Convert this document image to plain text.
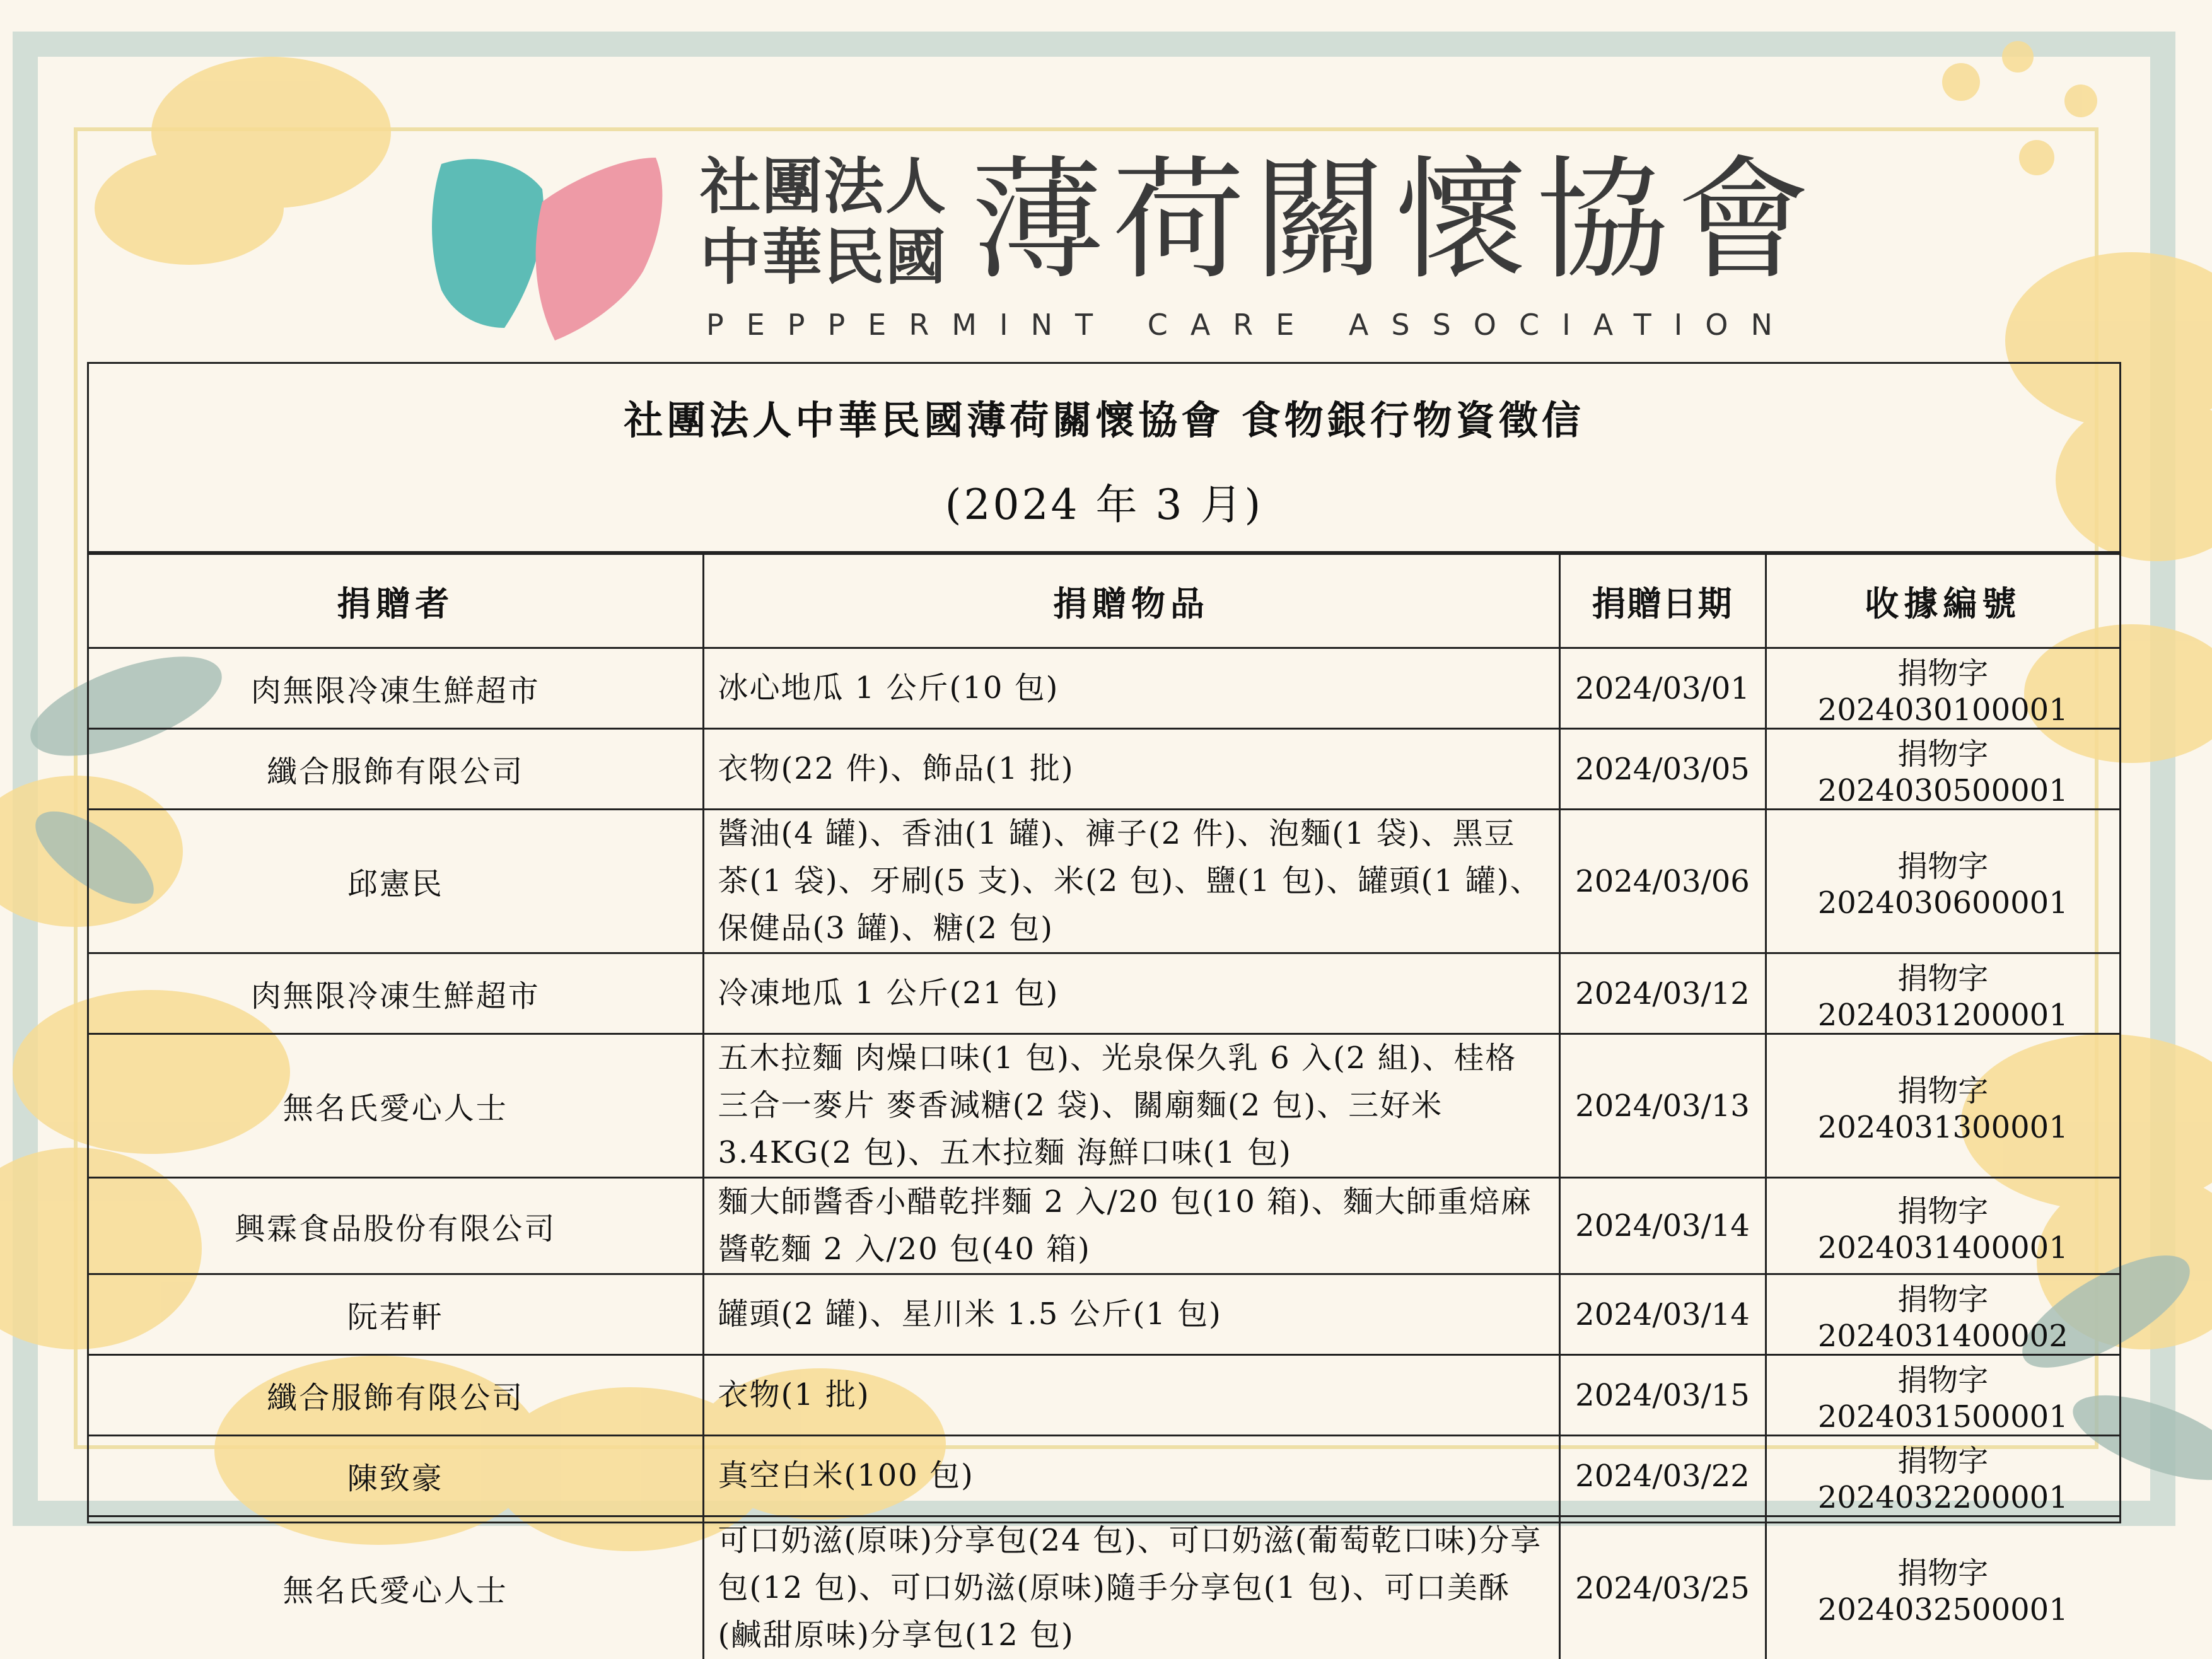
社團法人
中華民國 薄荷關懷協會
PEPPERMINT CARE ASSOCIATION
社團法人中華民國薄荷關懷協會 食物銀行物資徵信
(2024 年 3 月)
捐贈者	捐贈物品	捐贈日期	收據編號
肉無限冷凍生鮮超市	冰心地瓜 1 公斤(10 包)	2024/03/01	捐物字 2024030100001
纖合服飾有限公司	衣物(22 件)、飾品(1 批)	2024/03/05	捐物字 2024030500001
邱憲民	醬油(4 罐)、香油(1 罐)、褲子(2 件)、泡麵(1 袋)、黑豆茶(1 袋)、牙刷(5 支)、米(2 包)、鹽(1 包)、罐頭(1 罐)、保健品(3 罐)、糖(2 包)	2024/03/06	捐物字 2024030600001
肉無限冷凍生鮮超市	冷凍地瓜 1 公斤(21 包)	2024/03/12	捐物字 2024031200001
無名氏愛心人士	五木拉麵 肉燥口味(1 包)、光泉保久乳 6 入(2 組)、桂格三合一麥片 麥香減糖(2 袋)、關廟麵(2 包)、三好米 3.4KG(2 包)、五木拉麵 海鮮口味(1 包)	2024/03/13	捐物字 2024031300001
興霖食品股份有限公司	麵大師醬香小醋乾拌麵 2 入/20 包(10 箱)、麵大師重焙麻醬乾麵 2 入/20 包(40 箱)	2024/03/14	捐物字 2024031400001
阮若軒	罐頭(2 罐)、星川米 1.5 公斤(1 包)	2024/03/14	捐物字 2024031400002
纖合服飾有限公司	衣物(1 批)	2024/03/15	捐物字 2024031500001
陳致豪	真空白米(100 包)	2024/03/22	捐物字 2024032200001
無名氏愛心人士	可口奶滋(原味)分享包(24 包)、可口奶滋(葡萄乾口味)分享包(12 包)、可口奶滋(原味)隨手分享包(1 包)、可口美酥(鹹甜原味)分享包(12 包)	2024/03/25	捐物字 2024032500001
